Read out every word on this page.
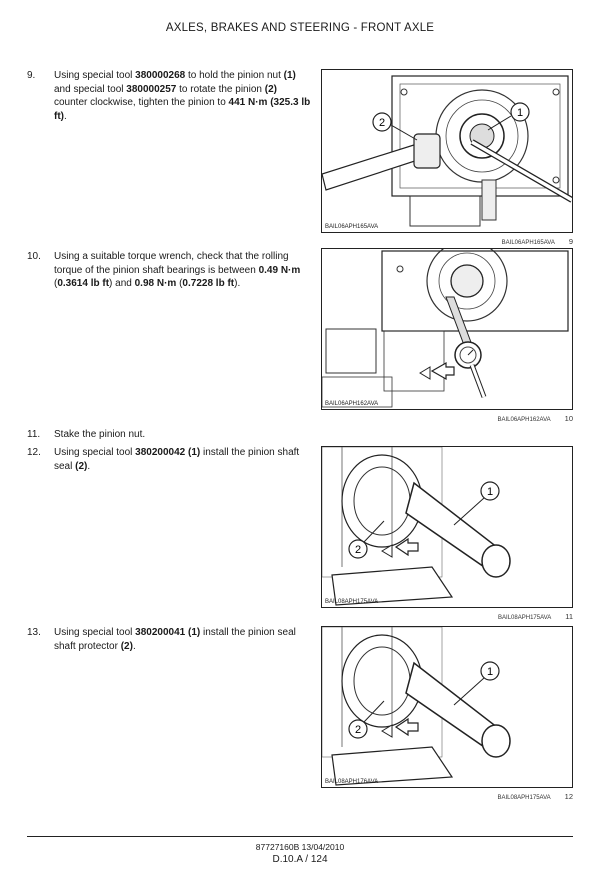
AXLES, BRAKES AND STEERING - FRONT AXLE
9. Using special tool 380000268 to hold the pinion nut (1) and special tool 380000257 to rotate the pinion (2) counter clockwise, tighten the pinion to 441 N·m (325.3 lb ft).
10. Using a suitable torque wrench, check that the rolling torque of the pinion shaft bearings is between 0.49 N·m (0.3614 lb ft) and 0.98 N·m (0.7228 lb ft).
11. Stake the pinion nut.
12. Using special tool 380200042 (1) install the pinion shaft seal (2).
13. Using special tool 380200041 (1) install the pinion seal shaft protector (2).
2
1
BAIL06APH165AVA
BAIL06APH165AVA 9
BAIL06APH162AVA
BAIL06APH162AVA 10
1
2
BAIL08APH175AVA
BAIL08APH175AVA 11
1
2
BAIL08APH176AVA
BAIL08APH175AVA 12
87727160B 13/04/2010
D.10.A / 124
